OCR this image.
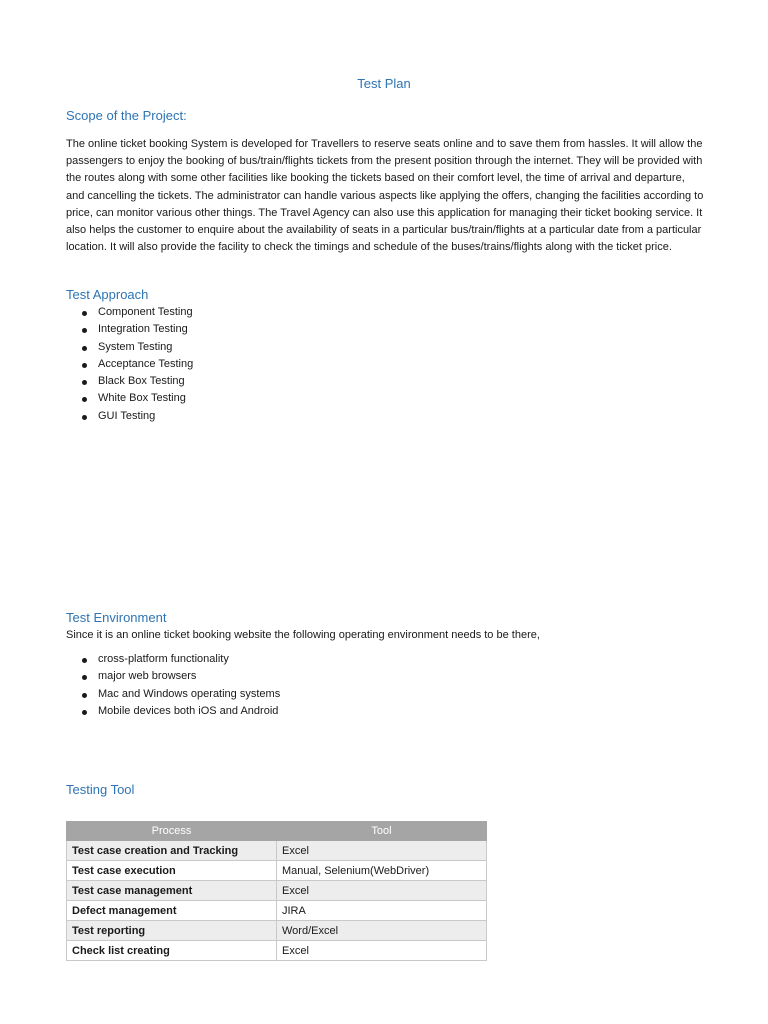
Test Plan
Scope of the Project:

The online ticket booking System is developed for Travellers to reserve seats online and to save them from hassles. It will allow the passengers to enjoy the booking of bus/train/flights tickets from the present position through the internet. They will be provided with the routes along with some other facilities like booking the tickets based on their comfort level, the time of arrival and departure, and cancelling the tickets. The administrator can handle various aspects like applying the offers, changing the facilities according to price, can monitor various other things. The Travel Agency can also use this application for managing their ticket booking service. It also helps the customer to enquire about the availability of seats in a particular bus/train/flights at a particular date from a particular location. It will also provide the facility to check the timings and schedule of the buses/trains/flights along with the ticket price.

Test Approach
Component Testing
Integration Testing
System Testing
Acceptance Testing
Black Box Testing
White Box Testing
GUI Testing
Test Environment

Since it is an online ticket booking website the following operating environment needs to be there,

cross-platform functionality
major web browsers
Mac and Windows operating systems
Mobile devices both iOS and Android
Testing Tool
Process	Tool
Test case creation and Tracking	Excel
Test case execution	Manual, Selenium(WebDriver)
Test case management	Excel
Defect management	JIRA
Test reporting	Word/Excel
Check list creating	Excel
